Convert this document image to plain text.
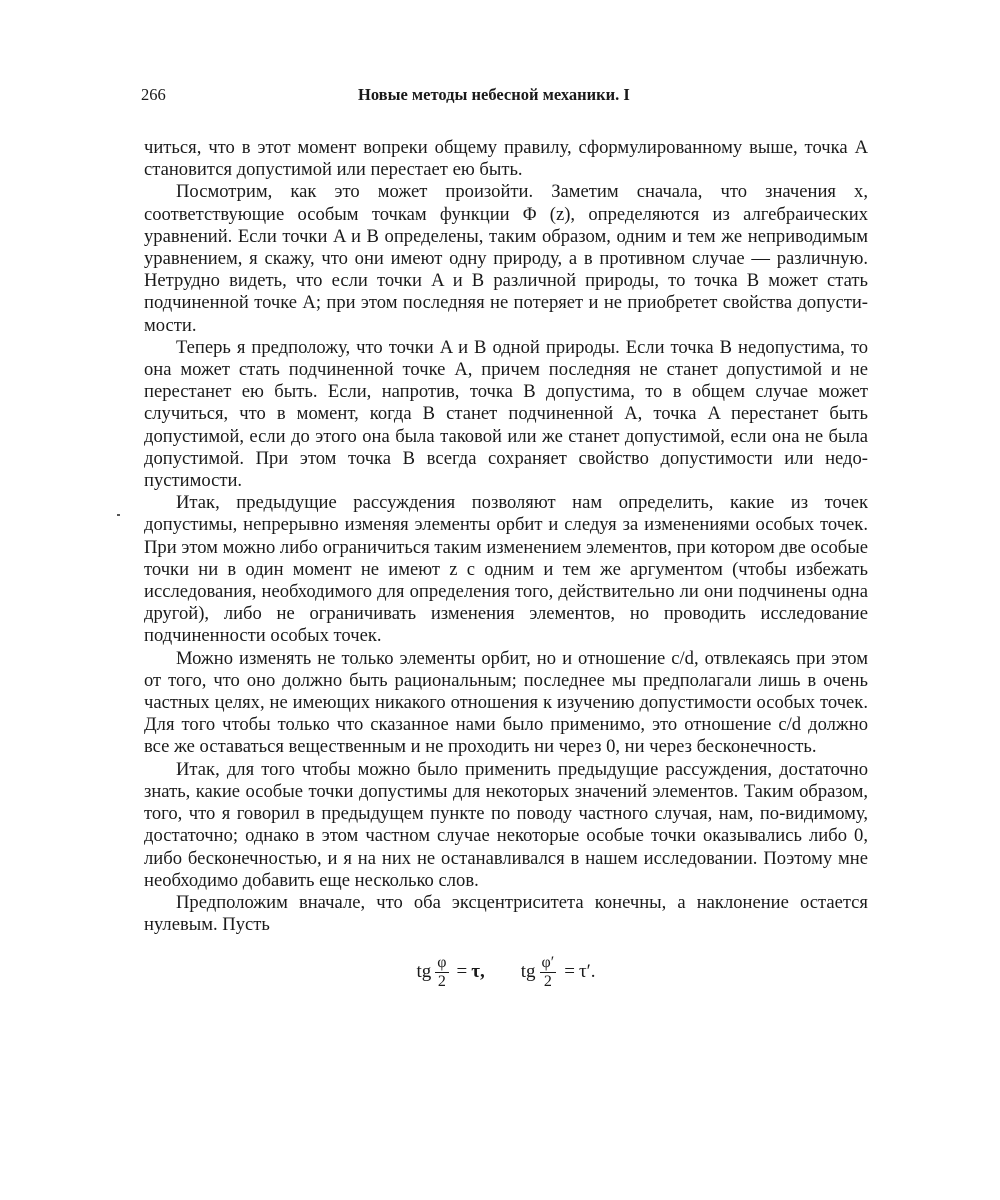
266	Новые методы небесной механики. I

читься, что в этот момент вопреки общему правилу, сформулированному выше, точка A становится допустимой или перестает ею быть.

Посмотрим, как это может произойти. Заметим сначала, что значения x, соответствующие особым точкам функции Φ (z), определяются из алгебраических уравнений. Если точки A и B определены, таким образом, одним и тем же неприводимым уравнением, я скажу, что они имеют одну природу, а в противном случае — различную. Нетрудно видеть, что если точки A и B различной природы, то точка B может стать подчиненной точке A; при этом последняя не потеряет и не приобретет свойства допустимости.

Теперь я предположу, что точки A и B одной природы. Если точка B недопустима, то она может стать подчиненной точке A, причем последняя не станет допустимой и не перестанет ею быть. Если, напротив, точка B допустима, то в общем случае может случиться, что в момент, когда B станет подчиненной A, точка A перестанет быть допустимой, если до этого она была таковой или же станет допустимой, если она не была допустимой. При этом точка B всегда сохраняет свойство допустимости или недопустимости.

Итак, предыдущие рассуждения позволяют нам определить, какие из точек допустимы, непрерывно изменяя элементы орбит и следуя за изменениями особых точек. При этом можно либо ограничиться таким изменением элементов, при котором две особые точки ни в один момент не имеют z с одним и тем же аргументом (чтобы избежать исследования, необходимого для определения того, действительно ли они подчинены одна другой), либо не ограничивать изменения элементов, но проводить исследование подчиненности особых точек.

Можно изменять не только элементы орбит, но и отношение c/d, отвлекаясь при этом от того, что оно должно быть рациональным; последнее мы предполагали лишь в очень частных целях, не имеющих никакого отношения к изучению допустимости особых точек. Для того чтобы только что сказанное нами было применимо, это отношение c/d должно все же оставаться вещественным и не проходить ни через 0, ни через бесконечность.

Итак, для того чтобы можно было применить предыдущие рассуждения, достаточно знать, какие особые точки допустимы для некоторых значений элементов. Таким образом, того, что я говорил в предыдущем пункте по поводу частного случая, нам, по-видимому, достаточно; однако в этом частном случае некоторые особые точки оказывались либо 0, либо бесконечностью, и я на них не останавливался в нашем исследовании. Поэтому мне необходимо добавить еще несколько слов.

Предположим вначале, что оба эксцентриситета конечны, а наклонение остается нулевым. Пусть

tg $\frac{\varphi}{2} = \tau$ , tg $\frac{\varphi'}{2} = \tau'$ .
